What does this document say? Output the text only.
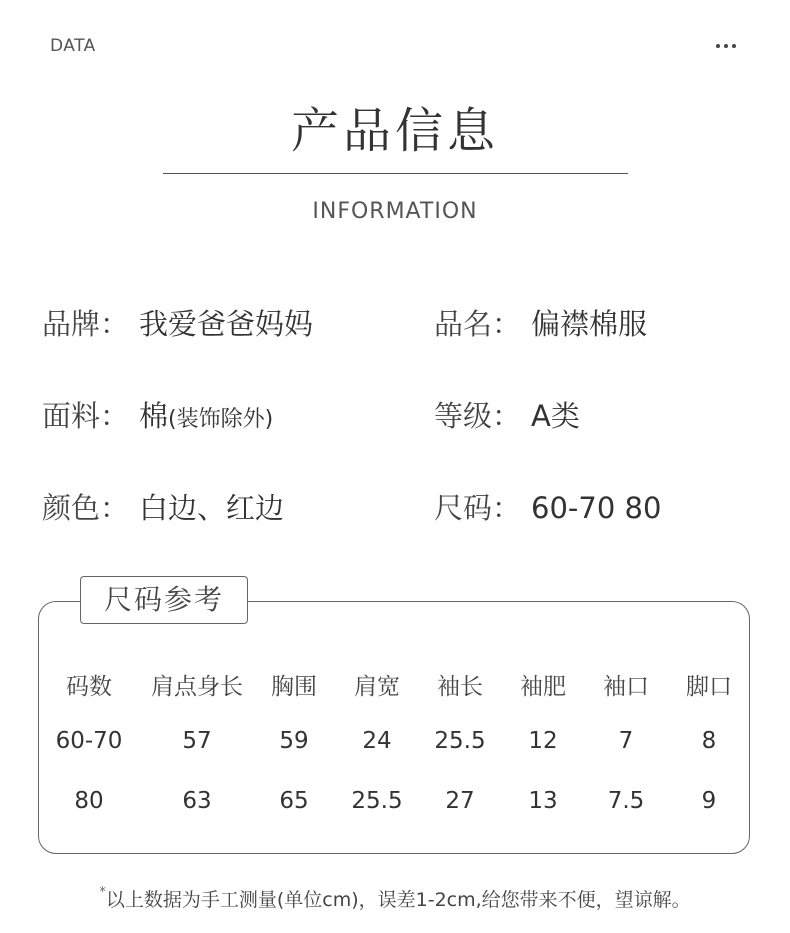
DATA
产品信息
INFORMATION
品牌： 我爱爸爸妈妈	品名： 偏襟棉服
面料： 棉 (装饰除外)	等级： A类
颜色： 白边、红边	尺码： 60-70 80
尺码参考
码数	肩点身长	胸围	肩宽	袖长	袖肥	袖口	脚口
60-70	57	59	24	25.5	12	7	8
80	63	65	25.5	27	13	7.5	9
*以上数据为手工测量(单位cm)，误差1-2cm,给您带来不便，望谅解。
